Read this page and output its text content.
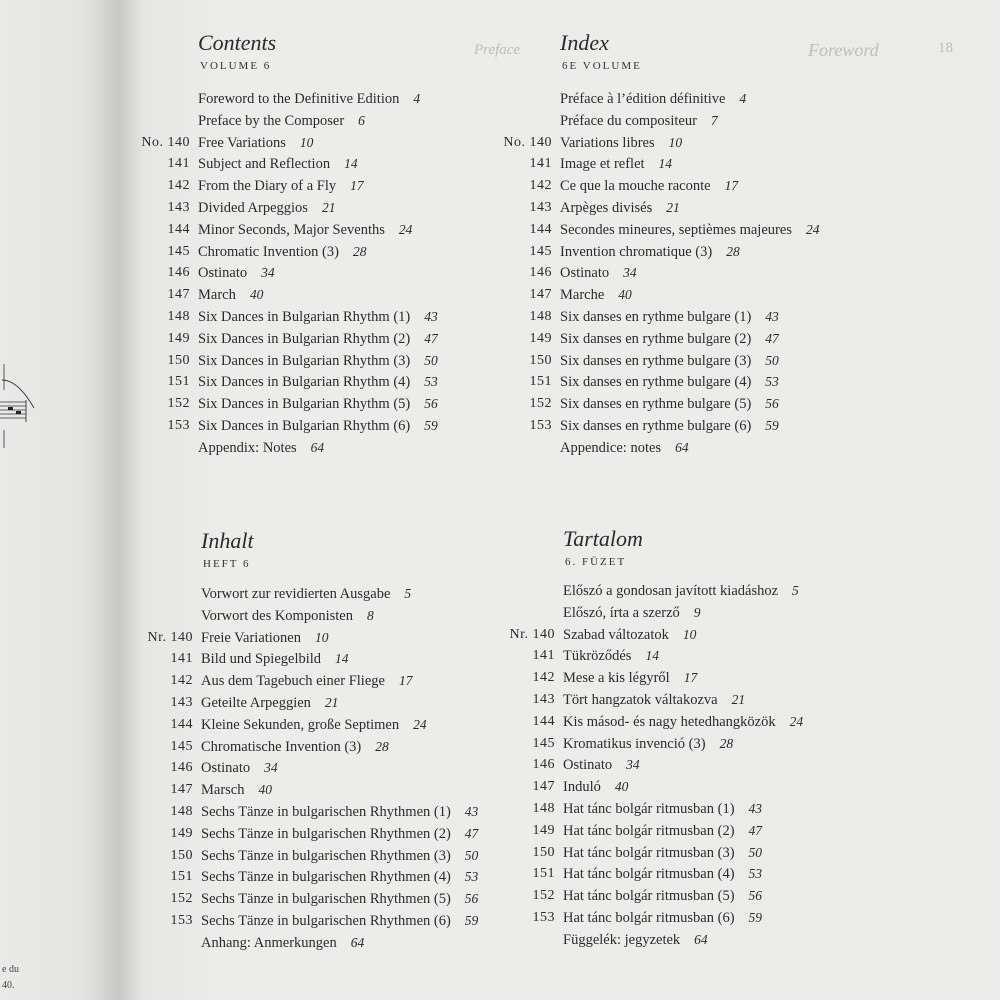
e du
40.
Foreword
Preface	18
Contents
VOLUME 6
Foreword to the Definitive Edition 4
Preface by the Composer 6
No. 140 Free Variations 10
141 Subject and Reflection 14
142 From the Diary of a Fly 17
143 Divided Arpeggios 21
144 Minor Seconds, Major Sevenths 24
145 Chromatic Invention (3) 28
146 Ostinato 34
147 March 40
148 Six Dances in Bulgarian Rhythm (1) 43
149 Six Dances in Bulgarian Rhythm (2) 47
150 Six Dances in Bulgarian Rhythm (3) 50
151 Six Dances in Bulgarian Rhythm (4) 53
152 Six Dances in Bulgarian Rhythm (5) 56
153 Six Dances in Bulgarian Rhythm (6) 59
Appendix: Notes 64
Index
6E VOLUME
Préface à l’édition définitive 4
Préface du compositeur 7
No. 140 Variations libres 10
141 Image et reflet 14
142 Ce que la mouche raconte 17
143 Arpèges divisés 21
144 Secondes mineures, septièmes majeures 24
145 Invention chromatique (3) 28
146 Ostinato 34
147 Marche 40
148 Six danses en rythme bulgare (1) 43
149 Six danses en rythme bulgare (2) 47
150 Six danses en rythme bulgare (3) 50
151 Six danses en rythme bulgare (4) 53
152 Six danses en rythme bulgare (5) 56
153 Six danses en rythme bulgare (6) 59
Appendice: notes 64
Inhalt
HEFT 6
Vorwort zur revidierten Ausgabe 5
Vorwort des Komponisten 8
Nr. 140 Freie Variationen 10
141 Bild und Spiegelbild 14
142 Aus dem Tagebuch einer Fliege 17
143 Geteilte Arpeggien 21
144 Kleine Sekunden, große Septimen 24
145 Chromatische Invention (3) 28
146 Ostinato 34
147 Marsch 40
148 Sechs Tänze in bulgarischen Rhythmen (1) 43
149 Sechs Tänze in bulgarischen Rhythmen (2) 47
150 Sechs Tänze in bulgarischen Rhythmen (3) 50
151 Sechs Tänze in bulgarischen Rhythmen (4) 53
152 Sechs Tänze in bulgarischen Rhythmen (5) 56
153 Sechs Tänze in bulgarischen Rhythmen (6) 59
Anhang: Anmerkungen 64
Tartalom
6. FÜZET
Előszó a gondosan javított kiadáshoz 5
Előszó, írta a szerző 9
Nr. 140 Szabad változatok 10
141 Tükröződés 14
142 Mese a kis légyről 17
143 Tört hangzatok váltakozva 21
144 Kis másod- és nagy hetedhangközök 24
145 Kromatikus invenció (3) 28
146 Ostinato 34
147 Induló 40
148 Hat tánc bolgár ritmusban (1) 43
149 Hat tánc bolgár ritmusban (2) 47
150 Hat tánc bolgár ritmusban (3) 50
151 Hat tánc bolgár ritmusban (4) 53
152 Hat tánc bolgár ritmusban (5) 56
153 Hat tánc bolgár ritmusban (6) 59
Függelék: jegyzetek 64
